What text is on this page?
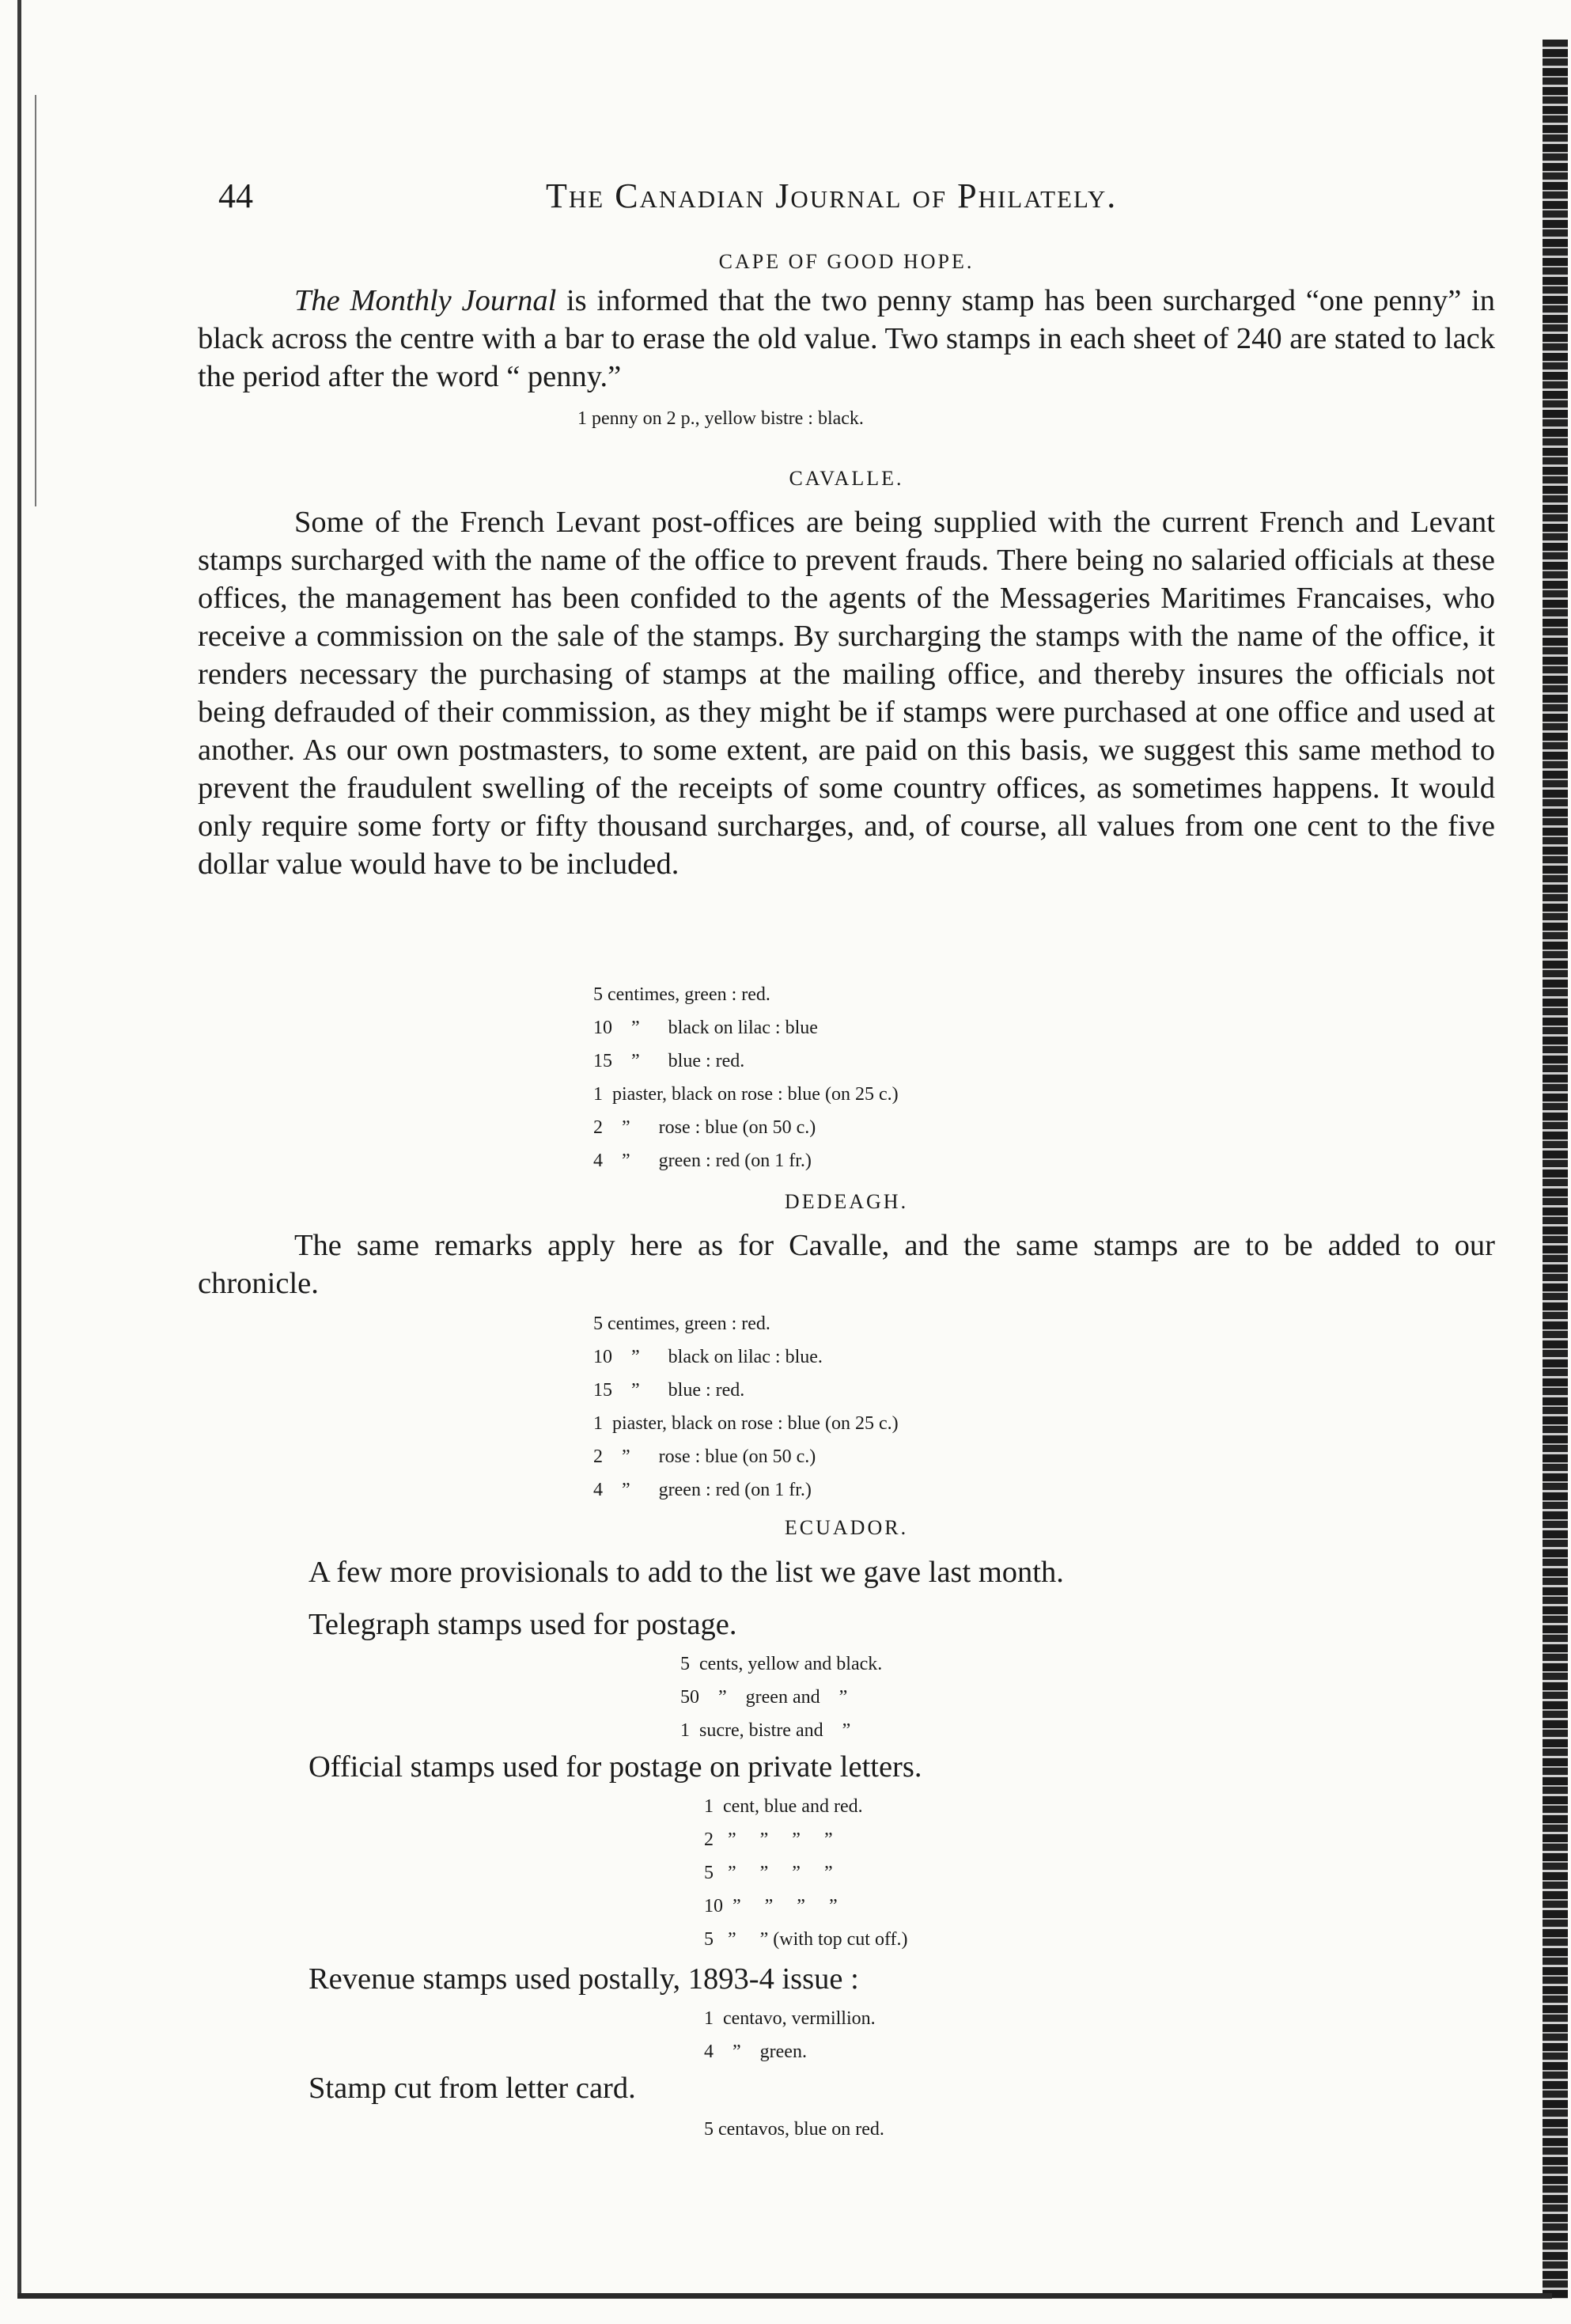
44	The Canadian Journal of Philately.

CAPE OF GOOD HOPE.

The Monthly Journal is informed that the two penny stamp has been surcharged “one penny” in black across the centre with a bar to erase the old value. Two stamps in each sheet of 240 are stated to lack the period after the word “ penny.”

1 penny on 2 p., yellow bistre : black.

CAVALLE.

Some of the French Levant post-offices are being supplied with the current French and Levant stamps surcharged with the name of the office to prevent frauds. There being no salaried officials at these offices, the management has been confided to the agents of the Messageries Maritimes Francaises, who receive a commission on the sale of the stamps. By surcharging the stamps with the name of the office, it renders necessary the purchasing of stamps at the mailing office, and thereby insures the officials not being defrauded of their commission, as they might be if stamps were purchased at one office and used at another. As our own postmasters, to some extent, are paid on this basis, we suggest this same method to prevent the fraudulent swelling of the receipts of some country offices, as sometimes happens. It would only require some forty or fifty thousand surcharges, and, of course, all values from one cent to the five dollar value would have to be included.

5 centimes, green : red.

10    ”      black on lilac : blue

15    ”      blue : red.

1  piaster, black on rose : blue (on 25 c.)

2    ”      rose : blue (on 50 c.)

4    ”      green : red (on 1 fr.)

DEDEAGH.

The same remarks apply here as for Cavalle, and the same stamps are to be added to our chronicle.

5 centimes, green : red.

10    ”      black on lilac : blue.

15    ”      blue : red.

1  piaster, black on rose : blue (on 25 c.)

2    ”      rose : blue (on 50 c.)

4    ”      green : red (on 1 fr.)

ECUADOR.

A few more provisionals to add to the list we gave last month.

Telegraph stamps used for postage.

5  cents, yellow and black.

50    ”    green and    ”

1  sucre, bistre and    ”

Official stamps used for postage on private letters.

1  cent, blue and red.

2   ”     ”     ”     ”

5   ”     ”     ”     ”

10  ”     ”     ”     ”

5   ”     ” (with top cut off.)

Revenue stamps used postally, 1893-4 issue :

1  centavo, vermillion.

4    ”    green.

Stamp cut from letter card.

5 centavos, blue on red.
